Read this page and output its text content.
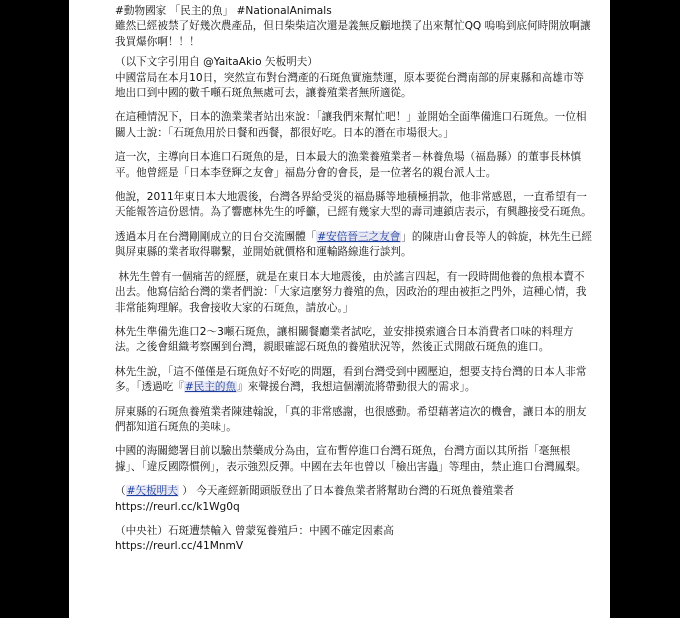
#動物國家 「民主的魚」 #NationalAnimals

雖然已經被禁了好幾次農產品，但日柴柴這次還是義無反顧地撲了出來幫忙QQ 嗚嗚到底何時開放啊讓我買爆你啊！！！

（以下文字引用自 @YaitaAkio 矢板明夫）

中國當局在本月10日，突然宣布對台灣產的石斑魚實施禁運，原本要從台灣南部的屏東縣和高雄市等地出口到中國的數千噸石斑魚無處可去，讓養殖業者無所適從。

在這種情況下，日本的漁業業者站出來說：「讓我們來幫忙吧！」並開始全面準備進口石斑魚。一位相關人士說：「石斑魚用於日餐和西餐，都很好吃。日本的潛在市場很大。」

這一次，主導向日本進口石斑魚的是，日本最大的漁業養殖業者－林養魚場（福島縣）的董事長林慎平。他曾經是「日本李登輝之友會」福島分會的會長，是一位著名的親台派人士。

他說，2011年東日本大地震後，台灣各界給受災的福島縣等地積極捐款，他非常感恩，一直希望有一天能報答這份恩情。為了響應林先生的呼籲，已經有幾家大型的壽司連鎖店表示，有興趣接受石斑魚。

透過本月在台灣剛剛成立的日台交流團體「#安倍晉三之友會」的陳唐山會長等人的斡旋，林先生已經與屏東縣的業者取得聯繫，並開始就價格和運輸路線進行談判。

林先生曾有一個痛苦的經歷，就是在東日本大地震後，由於謠言四起，有一段時間他養的魚根本賣不出去。他寫信給台灣的業者們說：「大家這麼努力養殖的魚，因政治的理由被拒之門外，這種心情，我非常能夠理解。我會接收大家的石斑魚，請放心。」

林先生準備先進口2～3噸石斑魚，讓相關餐廳業者試吃，並安排摸索適合日本消費者口味的料理方法。之後會組織考察團到台灣，親眼確認石斑魚的養殖狀況等，然後正式開啟石斑魚的進口。

林先生說，「這不僅僅是石斑魚好不好吃的問題，看到台灣受到中國壓迫，想要支持台灣的日本人非常多。「透過吃『#民主的魚』來聲援台灣，我想這個潮流將帶動很大的需求」。

屏東縣的石斑魚養殖業者陳建翰說，「真的非常感謝，也很感動。希望藉著這次的機會，讓日本的朋友們都知道石斑魚的美味」。

中國的海關總署目前以驗出禁藥成分為由，宣布暫停進口台灣石斑魚，台灣方面以其所指「毫無根據」、「違反國際慣例」，表示強烈反彈。中國在去年也曾以「檢出害蟲」等理由，禁止進口台灣鳳梨。

（#矢板明夫 ） 今天產經新聞頭版登出了日本養魚業者將幫助台灣的石斑魚養殖業者

https://reurl.cc/k1Wg0q

（中央社）石斑遭禁輸入 曾蒙冤養殖戶：中國不確定因素高

https://reurl.cc/41MnmV
